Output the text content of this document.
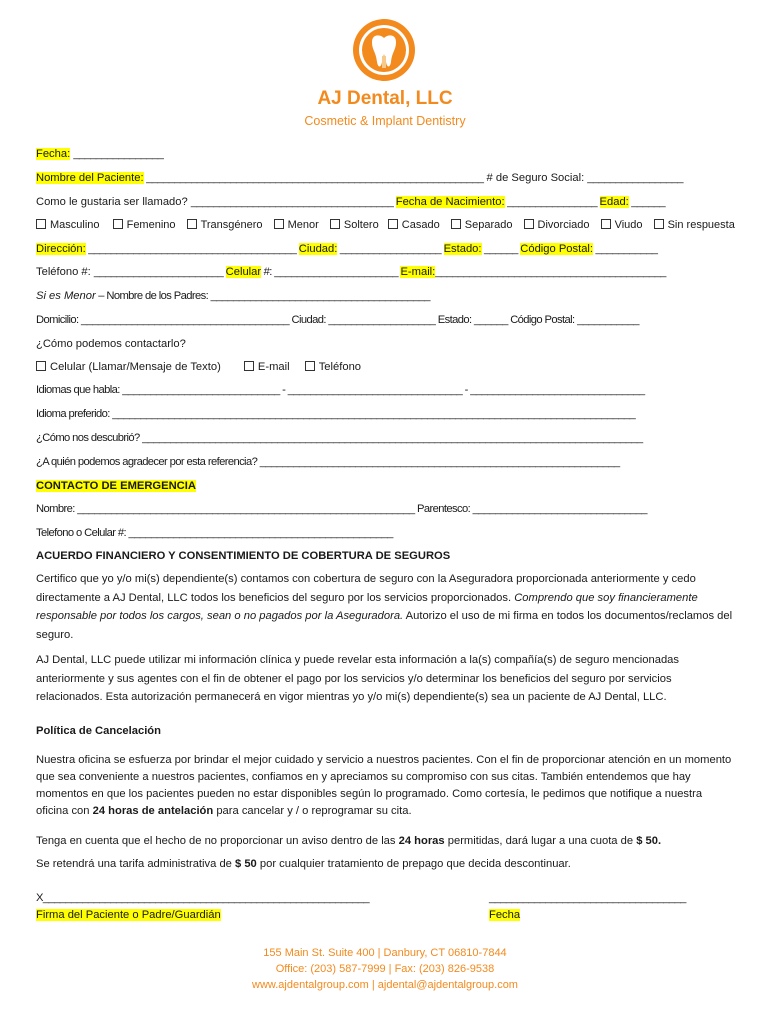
AJ Dental, LLC
Cosmetic & Implant Dentistry
Fecha: ________________
Nombre del Paciente: ____________________________________________________________ # de Seguro Social: _________________
Como le gustaria ser llamado? ____________________________________ Fecha de Nacimiento: ________________ Edad: ______
Masculino Femenino Transgénero Menor Soltero Casado Separado Divorciado Viudo Sin respuesta
Dirección: _____________________________________ Ciudad: __________________ Estado: ______ Código Postal: ___________
Teléfono #: _______________________ Celular #: ______________________ E-mail:_________________________________________
Si es Menor – Nombre de los Padres: _______________________________________
Domicilio: _____________________________________ Ciudad: ___________________ Estado: ______ Código Postal: ___________
¿Cómo podemos contactarlo?
Celular (Llamar/Mensaje de Texto)	E-mail	Teléfono
Idiomas que habla: ____________________________ - _______________________________ - _______________________________
Idioma preferido: _____________________________________________________________________________________________
¿Cómo nos descubrió? _________________________________________________________________________________________
¿A quién podemos agradecer por esta referencia? ________________________________________________________________
CONTACTO DE EMERGENCIA
Nombre: ____________________________________________________________ Parentesco: _______________________________
Telefono o Celular #: _______________________________________________
ACUERDO FINANCIERO Y CONSENTIMIENTO DE COBERTURA DE SEGUROS
Certifico que yo y/o mi(s) dependiente(s) contamos con cobertura de seguro con la Aseguradora proporcionada anteriormente y cedo directamente a AJ Dental, LLC todos los beneficios del seguro por los servicios proporcionados. Comprendo que soy financieramente responsable por todos los cargos, sean o no pagados por la Aseguradora. Autorizo el uso de mi firma en todos los documentos/reclamos del seguro.
AJ Dental, LLC puede utilizar mi información clínica y puede revelar esta información a la(s) compañía(s) de seguro mencionadas anteriormente y sus agentes con el fin de obtener el pago por los servicios y/o determinar los beneficios del seguro por servicios relacionados. Esta autorización permanecerá en vigor mientras yo y/o mi(s) dependiente(s) sea un paciente de AJ Dental, LLC.
Política de Cancelación
Nuestra oficina se esfuerza por brindar el mejor cuidado y servicio a nuestros pacientes. Con el fin de proporcionar atención en un momento que sea conveniente a nuestros pacientes, confiamos en y apreciamos su compromiso con sus citas. También entendemos que hay momentos en que los pacientes pueden no estar disponibles según lo programado. Como cortesía, le pedimos que notifique a nuestra oficina con 24 horas de antelación para cancelar y / o reprogramar su cita.
Tenga en cuenta que el hecho de no proporcionar un aviso dentro de las 24 horas permitidas, dará lugar a una cuota de $ 50.
Se retendrá una tarifa administrativa de $ 50 por cualquier tratamiento de prepago que decida descontinuar.
X__________________________________________________________
Firma del Paciente o Padre/Guardián
___________________________________
Fecha
155 Main St. Suite 400 | Danbury, CT 06810-7844
Office: (203) 587-7999 | Fax: (203) 826-9538
www.ajdentalgroup.com | ajdental@ajdentalgroup.com
